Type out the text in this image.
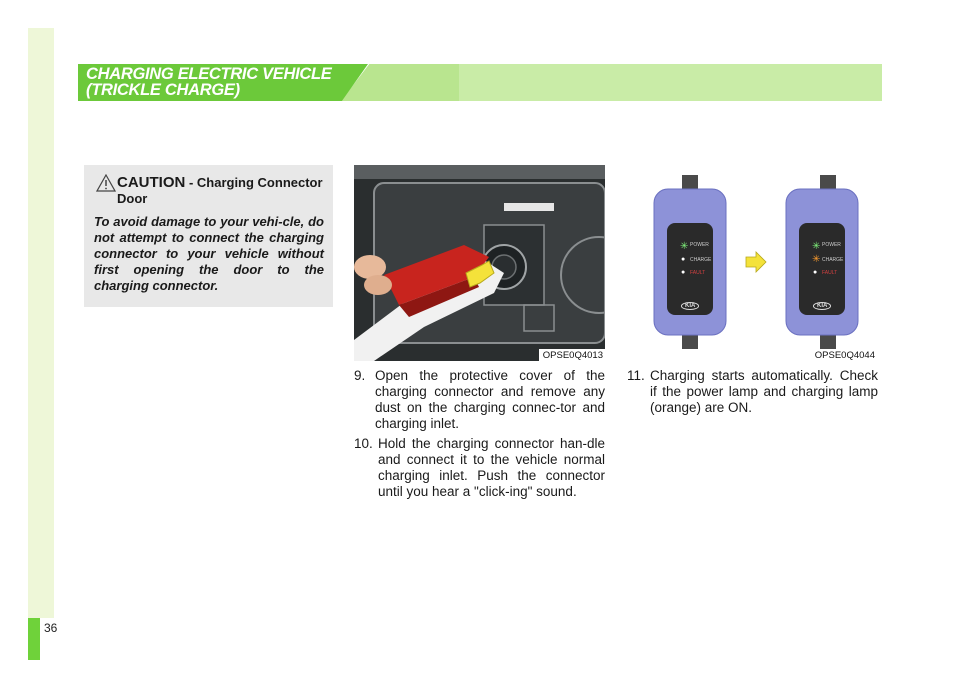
36
CHARGING ELECTRIC VEHICLE
(TRICKLE CHARGE)
CAUTION - Charging Connector Door
To avoid damage to your vehi-cle, do not attempt to connect the charging connector to your vehicle without first opening the door to the charging connector.
OPSE0Q4013
✳ POWER
● CHARGE
● FAULT
KIA
✳ POWER
✳ CHARGE
● FAULT
KIA
OPSE0Q4044
9. Open the protective cover of the charging connector and remove any dust on the charging connec-tor and charging inlet.
10. Hold the charging connector han-dle and connect it to the vehicle normal charging inlet. Push the connector until you hear a "click-ing" sound.
11. Charging starts automatically. Check if the power lamp and charging lamp (orange) are ON.
